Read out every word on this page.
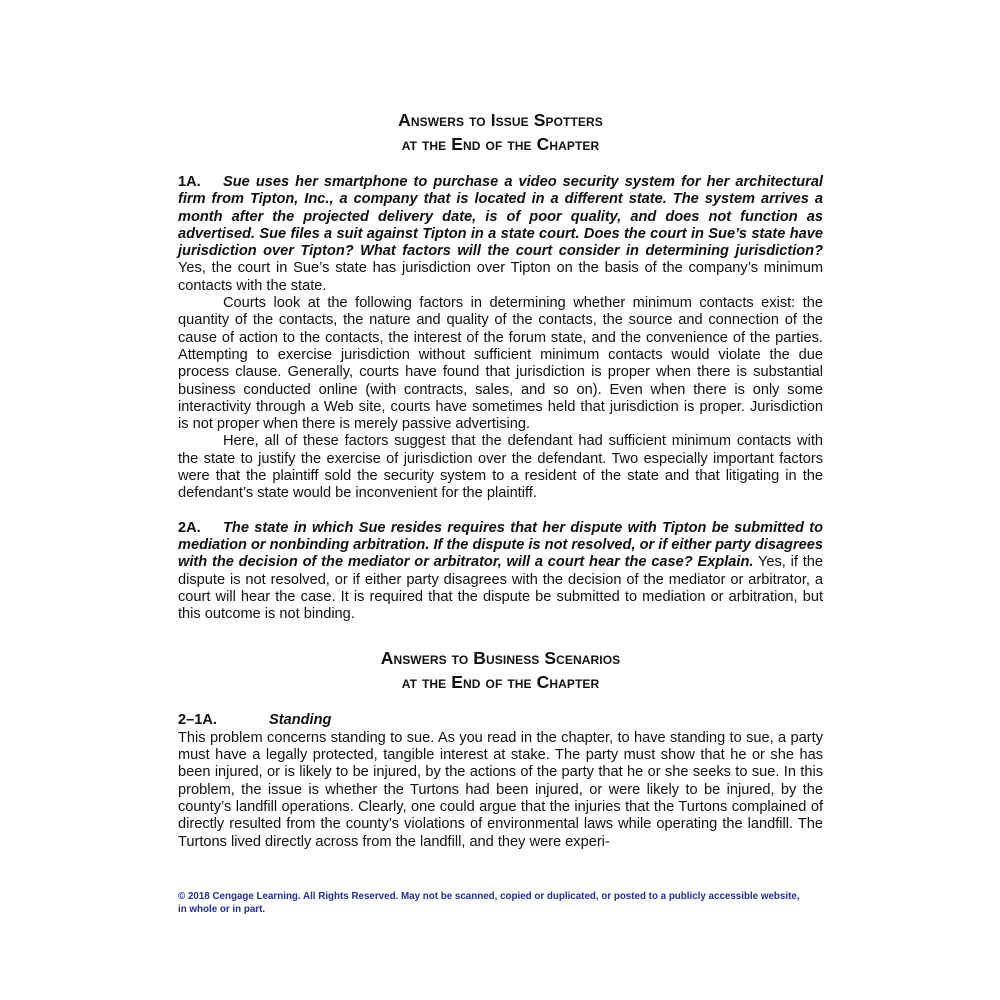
Answers to Issue Spotters
at the End of the Chapter

1A. Sue uses her smartphone to purchase a video security system for her architectural firm from Tipton, Inc., a company that is located in a different state. The system arrives a month after the projected delivery date, is of poor quality, and does not function as advertised. Sue files a suit against Tipton in a state court. Does the court in Sue’s state have jurisdiction over Tipton? What factors will the court consider in determining jurisdiction? Yes, the court in Sue’s state has jurisdiction over Tipton on the basis of the company’s minimum contacts with the state.

Courts look at the following factors in determining whether minimum contacts exist: the quantity of the contacts, the nature and quality of the contacts, the source and connection of the cause of action to the contacts, the interest of the forum state, and the convenience of the parties. Attempting to exercise jurisdiction without sufficient minimum contacts would violate the due process clause. Generally, courts have found that jurisdiction is proper when there is substantial business conducted online (with contracts, sales, and so on). Even when there is only some interactivity through a Web site, courts have sometimes held that jurisdiction is proper. Jurisdiction is not proper when there is merely passive advertising.

Here, all of these factors suggest that the defendant had sufficient minimum contacts with the state to justify the exercise of jurisdiction over the defendant. Two especially important factors were that the plaintiff sold the security system to a resident of the state and that litigating in the defendant’s state would be inconvenient for the plaintiff.

2A. The state in which Sue resides requires that her dispute with Tipton be submitted to mediation or nonbinding arbitration. If the dispute is not resolved, or if either party disagrees with the decision of the mediator or arbitrator, will a court hear the case? Explain. Yes, if the dispute is not resolved, or if either party disagrees with the decision of the mediator or arbitrator, a court will hear the case. It is required that the dispute be submitted to mediation or arbitration, but this outcome is not binding.

Answers to Business Scenarios
at the End of the Chapter
2–1A.	Standing

This problem concerns standing to sue. As you read in the chapter, to have standing to sue, a party must have a legally protected, tangible interest at stake. The party must show that he or she has been injured, or is likely to be injured, by the actions of the party that he or she seeks to sue. In this problem, the issue is whether the Turtons had been injured, or were likely to be injured, by the county’s landfill operations. Clearly, one could argue that the injuries that the Turtons complained of directly resulted from the county’s violations of environmental laws while operating the landfill. The Turtons lived directly across from the landfill, and they were experi-

© 2018 Cengage Learning. All Rights Reserved. May not be scanned, copied or duplicated, or posted to a publicly accessible website,
in whole or in part.
